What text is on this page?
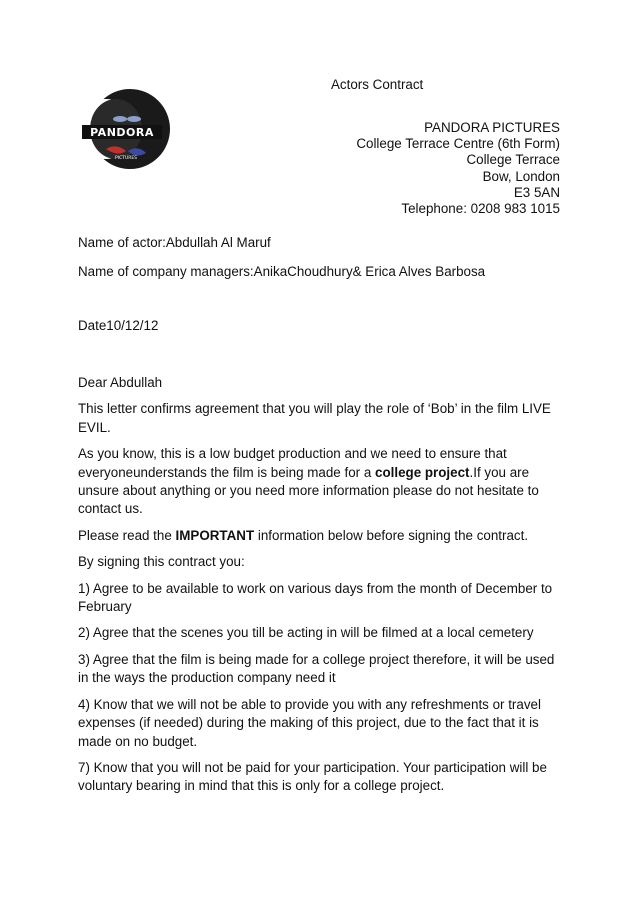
Actors Contract
PANDORA
PICTURES
PANDORA PICTURES
College Terrace Centre (6th Form)
College Terrace
Bow, London
E3 5AN
Telephone: 0208 983 1015
Name of actor:Abdullah Al Maruf
Name of company managers:AnikaChoudhury& Erica Alves Barbosa
Date10/12/12

Dear Abdullah

This letter confirms agreement that you will play the role of ‘Bob’ in the film LIVE EVIL.

As you know, this is a low budget production and we need to ensure that everyoneunderstands the film is being made for a college project.If you are unsure about anything or you need more information please do not hesitate to contact us.

Please read the IMPORTANT information below before signing the contract.

By signing this contract you:

1) Agree to be available to work on various days from the month of December to February

2) Agree that the scenes you till be acting in will be filmed at a local cemetery

3) Agree that the film is being made for a college project therefore, it will be used in the ways the production company need it

4) Know that we will not be able to provide you with any refreshments or travel expenses (if needed) during the making of this project, due to the fact that it is made on no budget.

7) Know that you will not be paid for your participation. Your participation will be voluntary bearing in mind that this is only for a college project.
